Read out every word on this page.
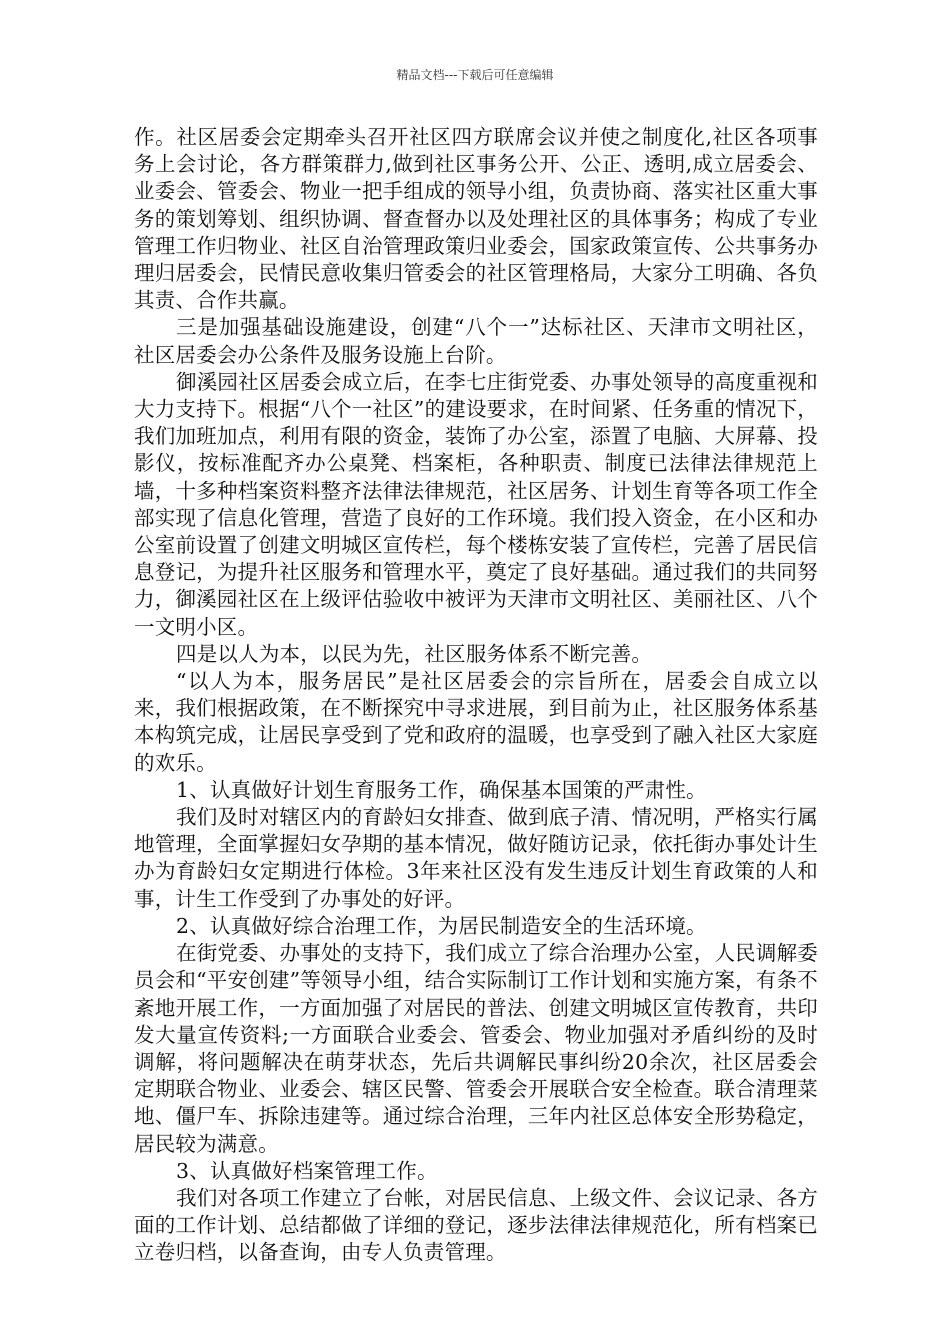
精品文档---下载后可任意编辑

作。社区居委会定期牵头召开社区四方联席会议并使之制度化,社区各项事务上会讨论，各方群策群力,做到社区事务公开、公正、透明,成立居委会、业委会、管委会、物业一把手组成的领导小组，负责协商、落实社区重大事务的策划筹划、组织协调、督查督办以及处理社区的具体事务；构成了专业管理工作归物业、社区自治管理政策归业委会，国家政策宣传、公共事务办理归居委会，民情民意收集归管委会的社区管理格局，大家分工明确、各负其责、合作共赢。

三是加强基础设施建设，创建“八个一”达标社区、天津市文明社区，社区居委会办公条件及服务设施上台阶。

御溪园社区居委会成立后，在李七庄街党委、办事处领导的高度重视和大力支持下。根据“八个一社区”的建设要求，在时间紧、任务重的情况下，我们加班加点，利用有限的资金，装饰了办公室，添置了电脑、大屏幕、投影仪，按标准配齐办公桌凳、档案柜，各种职责、制度已法律法律规范上墙，十多种档案资料整齐法律法律规范，社区居务、计划生育等各项工作全部实现了信息化管理，营造了良好的工作环境。我们投入资金，在小区和办公室前设置了创建文明城区宣传栏，每个楼栋安装了宣传栏，完善了居民信息登记，为提升社区服务和管理水平，奠定了良好基础。通过我们的共同努力，御溪园社区在上级评估验收中被评为天津市文明社区、美丽社区、八个一文明小区。

四是以人为本，以民为先，社区服务体系不断完善。

“以人为本，服务居民”是社区居委会的宗旨所在，居委会自成立以来，我们根据政策，在不断探究中寻求进展，到目前为止，社区服务体系基本构筑完成，让居民享受到了党和政府的温暖，也享受到了融入社区大家庭的欢乐。

1、认真做好计划生育服务工作，确保基本国策的严肃性。

我们及时对辖区内的育龄妇女排查、做到底子清、情况明，严格实行属地管理，全面掌握妇女孕期的基本情况，做好随访记录，依托街办事处计生办为育龄妇女定期进行体检。3年来社区没有发生违反计划生育政策的人和事，计生工作受到了办事处的好评。

2、认真做好综合治理工作，为居民制造安全的生活环境。

在街党委、办事处的支持下，我们成立了综合治理办公室，人民调解委员会和“平安创建”等领导小组，结合实际制订工作计划和实施方案，有条不紊地开展工作，一方面加强了对居民的普法、创建文明城区宣传教育，共印发大量宣传资料;一方面联合业委会、管委会、物业加强对矛盾纠纷的及时调解，将问题解决在萌芽状态，先后共调解民事纠纷20余次，社区居委会定期联合物业、业委会、辖区民警、管委会开展联合安全检查。联合清理菜地、僵尸车、拆除违建等。通过综合治理，三年内社区总体安全形势稳定，居民较为满意。

3、认真做好档案管理工作。

我们对各项工作建立了台帐，对居民信息、上级文件、会议记录、各方面的工作计划、总结都做了详细的登记，逐步法律法律规范化，所有档案已立卷归档，以备查询，由专人负责管理。
